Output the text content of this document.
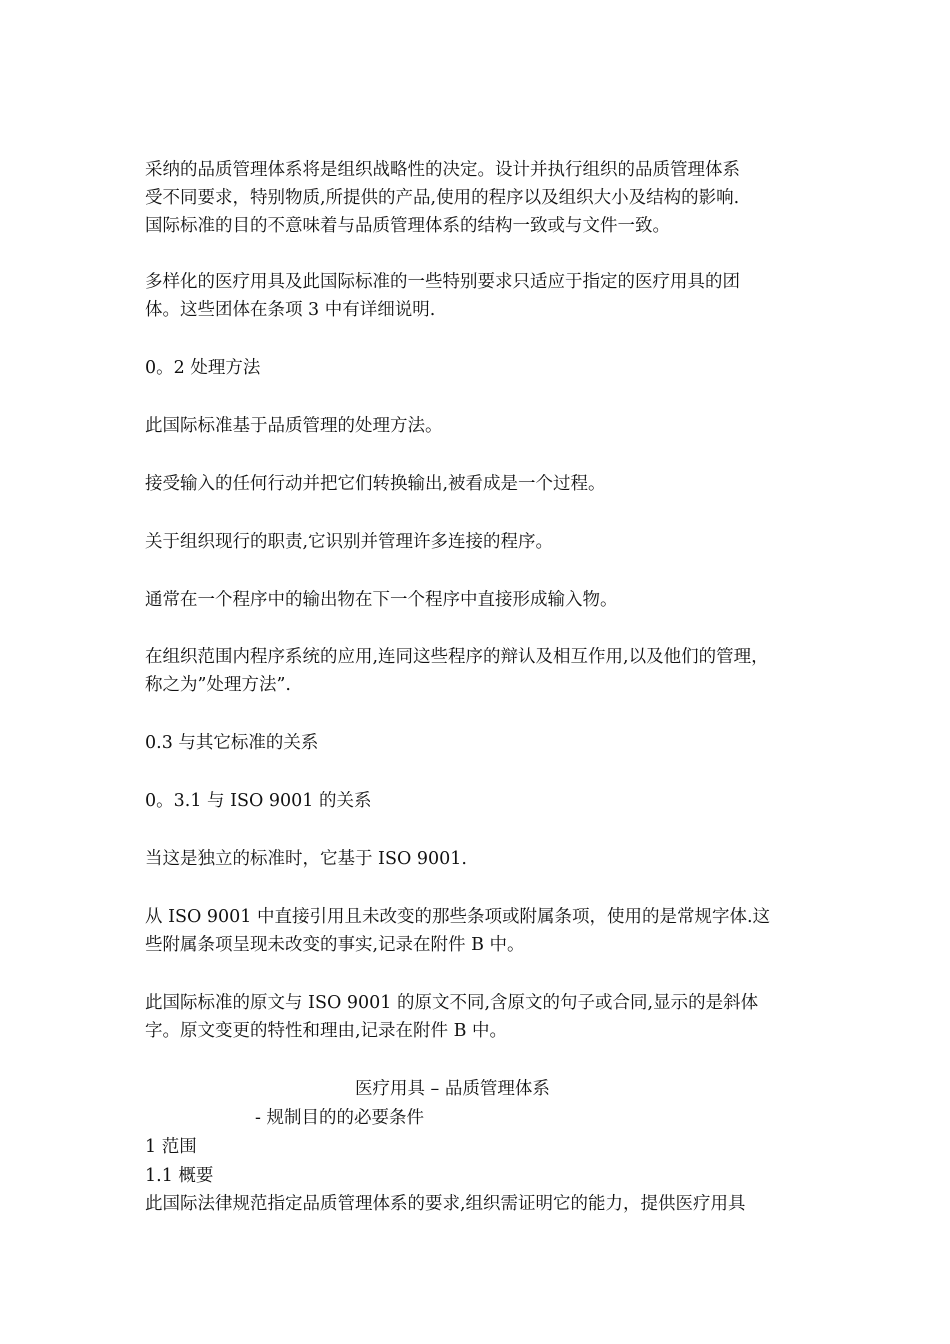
采纳的品质管理体系将是组织战略性的决定。设计并执行组织的品质管理体系
受不同要求，特别物质,所提供的产品,使用的程序以及组织大小及结构的影响.
国际标准的目的不意味着与品质管理体系的结构一致或与文件一致。
多样化的医疗用具及此国际标准的一些特别要求只适应于指定的医疗用具的团
体。这些团体在条项 3 中有详细说明.
0。2 处理方法
此国际标准基于品质管理的处理方法。
接受输入的任何行动并把它们转换输出,被看成是一个过程。
关于组织现行的职责,它识别并管理许多连接的程序。
通常在一个程序中的输出物在下一个程序中直接形成输入物。
在组织范围内程序系统的应用,连同这些程序的辩认及相互作用,以及他们的管理，
称之为”处理方法”.
0.3 与其它标准的关系
0。3.1 与 ISO 9001 的关系
当这是独立的标准时，它基于 ISO 9001.
从 ISO 9001 中直接引用且未改变的那些条项或附属条项，使用的是常规字体.这
些附属条项呈现未改变的事实,记录在附件 B 中。
此国际标准的原文与 ISO 9001 的原文不同,含原文的句子或合同,显示的是斜体
字。原文变更的特性和理由,记录在附件 B 中。
医疗用具 – 品质管理体系
- 规制目的的必要条件
1 范围
1.1 概要
此国际法律规范指定品质管理体系的要求,组织需证明它的能力，提供医疗用具
